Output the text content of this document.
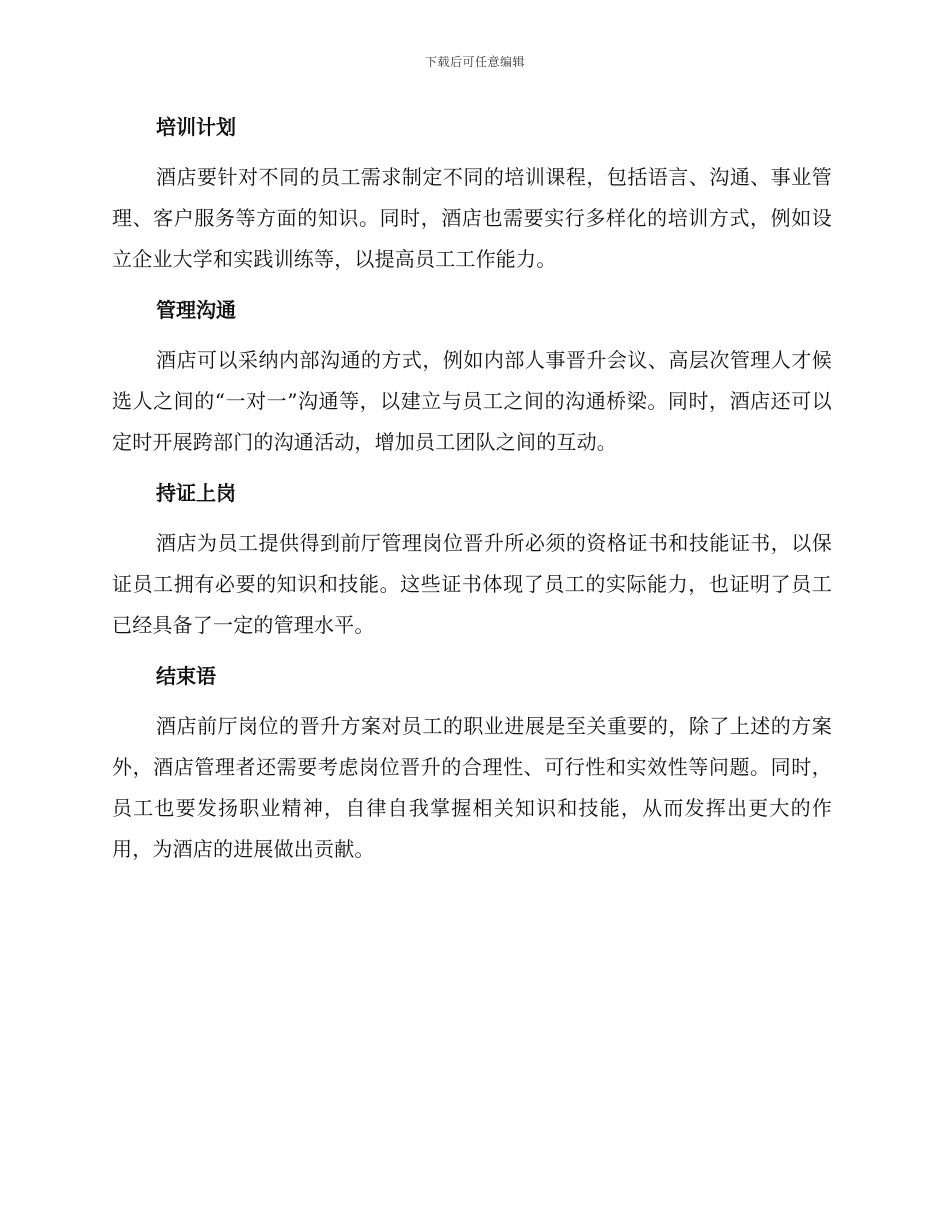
下载后可任意编辑
培训计划

酒店要针对不同的员工需求制定不同的培训课程，包括语言、沟通、事业管理、客户服务等方面的知识。同时，酒店也需要实行多样化的培训方式，例如设立企业大学和实践训练等，以提高员工工作能力。

管理沟通

酒店可以采纳内部沟通的方式，例如内部人事晋升会议、高层次管理人才候选人之间的“一对一”沟通等，以建立与员工之间的沟通桥梁。同时，酒店还可以定时开展跨部门的沟通活动，增加员工团队之间的互动。

持证上岗

酒店为员工提供得到前厅管理岗位晋升所必须的资格证书和技能证书，以保证员工拥有必要的知识和技能。这些证书体现了员工的实际能力，也证明了员工已经具备了一定的管理水平。

结束语

酒店前厅岗位的晋升方案对员工的职业进展是至关重要的，除了上述的方案外，酒店管理者还需要考虑岗位晋升的合理性、可行性和实效性等问题。同时，员工也要发扬职业精神，自律自我掌握相关知识和技能，从而发挥出更大的作用，为酒店的进展做出贡献。
